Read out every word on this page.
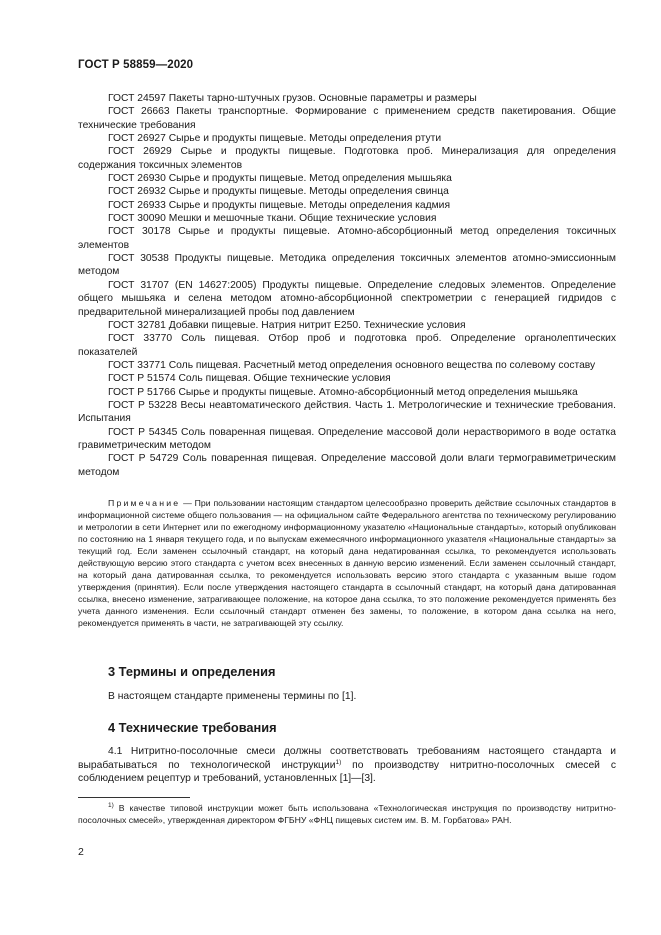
ГОСТ Р 58859—2020

ГОСТ 24597 Пакеты тарно-штучных грузов. Основные параметры и размеры

ГОСТ 26663 Пакеты транспортные. Формирование с применением средств пакетирования. Общие технические требования

ГОСТ 26927 Сырье и продукты пищевые. Методы определения ртути

ГОСТ 26929 Сырье и продукты пищевые. Подготовка проб. Минерализация для определения содержания токсичных элементов

ГОСТ 26930 Сырье и продукты пищевые. Метод определения мышьяка

ГОСТ 26932 Сырье и продукты пищевые. Методы определения свинца

ГОСТ 26933 Сырье и продукты пищевые. Методы определения кадмия

ГОСТ 30090 Мешки и мешочные ткани. Общие технические условия

ГОСТ 30178 Сырье и продукты пищевые. Атомно-абсорбционный метод определения токсичных элементов

ГОСТ 30538 Продукты пищевые. Методика определения токсичных элементов атомно-эмиссионным методом

ГОСТ 31707 (EN 14627:2005) Продукты пищевые. Определение следовых элементов. Определение общего мышьяка и селена методом атомно-абсорбционной спектрометрии с генерацией гидридов с предварительной минерализацией пробы под давлением

ГОСТ 32781 Добавки пищевые. Натрия нитрит Е250. Технические условия

ГОСТ 33770 Соль пищевая. Отбор проб и подготовка проб. Определение органолептических показателей

ГОСТ 33771 Соль пищевая. Расчетный метод определения основного вещества по солевому составу

ГОСТ Р 51574 Соль пищевая. Общие технические условия

ГОСТ Р 51766 Сырье и продукты пищевые. Атомно-абсорбционный метод определения мышьяка

ГОСТ Р 53228 Весы неавтоматического действия. Часть 1. Метрологические и технические требования. Испытания

ГОСТ Р 54345 Соль поваренная пищевая. Определение массовой доли нерастворимого в воде остатка гравиметрическим методом

ГОСТ Р 54729 Соль поваренная пищевая. Определение массовой доли влаги термогравиметрическим методом

Примечание — При пользовании настоящим стандартом целесообразно проверить действие ссылочных стандартов в информационной системе общего пользования — на официальном сайте Федерального агентства по техническому регулированию и метрологии в сети Интернет или по ежегодному информационному указателю «Национальные стандарты», который опубликован по состоянию на 1 января текущего года, и по выпускам ежемесячного информационного указателя «Национальные стандарты» за текущий год. Если заменен ссылочный стандарт, на который дана недатированная ссылка, то рекомендуется использовать действующую версию этого стандарта с учетом всех внесенных в данную версию изменений. Если заменен ссылочный стандарт, на который дана датированная ссылка, то рекомендуется использовать версию этого стандарта с указанным выше годом утверждения (принятия). Если после утверждения настоящего стандарта в ссылочный стандарт, на который дана датированная ссылка, внесено изменение, затрагивающее положение, на которое дана ссылка, то это положение рекомендуется применять без учета данного изменения. Если ссылочный стандарт отменен без замены, то положение, в котором дана ссылка на него, рекомендуется применять в части, не затрагивающей эту ссылку.

3 Термины и определения

В настоящем стандарте применены термины по [1].

4 Технические требования

4.1 Нитритно-посолочные смеси должны соответствовать требованиям настоящего стандарта и вырабатываться по технологической инструкции$^{1)}$ по производству нитритно-посолочных смесей с соблюдением рецептур и требований, установленных [1]—[3].

$^{1)}$ В качестве типовой инструкции может быть использована «Технологическая инструкция по производству нитритно-посолочных смесей», утвержденная директором ФГБНУ «ФНЦ пищевых систем им. В. М. Горбатова» РАН.

2
